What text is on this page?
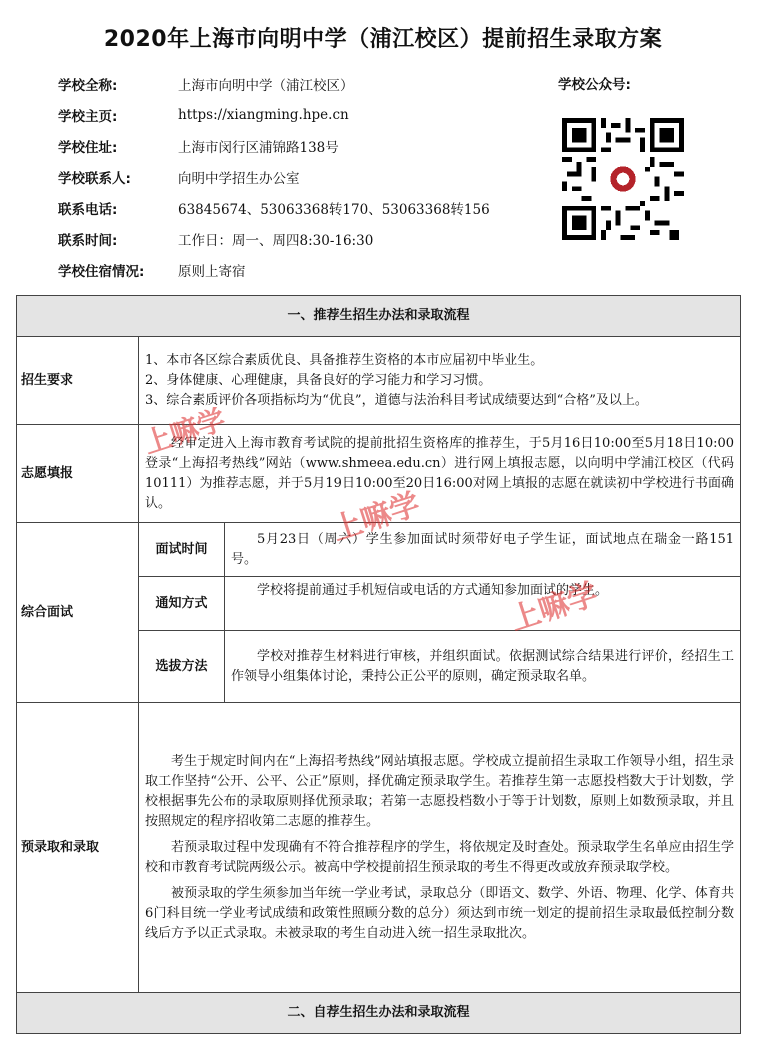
2020年上海市向明中学（浦江校区）提前招生录取方案
学校全称:	上海市向明中学（浦江校区）
学校主页:	https://xiangming.hpe.cn
学校住址:	上海市闵行区浦锦路138号
学校联系人:	向明中学招生办公室
联系电话:	63845674、53063368转170、53063368转156
联系时间:	工作日：周一、周四8:30-16:30
学校住宿情况:	原则上寄宿
学校公众号:
一、推荐生招生办法和录取流程		
招生要求	1、本市各区综合素质优良、具备推荐生资格的本市应届初中毕业生。
2、身体健康、心理健康，具备良好的学习能力和学习习惯。
3、综合素质评价各项指标均为“优良”，道德与法治科目考试成绩要达到“合格”及以上。	

志愿填报	经审定进入上海市教育考试院的提前批招生资格库的推荐生，于5月16日10:00至5月18日10:00登录“上海招考热线”网站（www.shmeea.edu.cn）进行网上填报志愿，以向明中学浦江校区（代码10111）为推荐志愿，并于5月19日10:00至20日16:00对网上填报的志愿在就读初中学校进行书面确认。	

综合面试	面试时间	5月23日（周六）学生参加面试时须带好电子学生证，面试地点在瑞金一路151号。

	通知方式	学校将提前通过手机短信或电话的方式通知参加面试的学生。

	选拔方法	学校对推荐生材料进行审核，并组织面试。依据测试综合结果进行评价，经招生工作领导小组集体讨论，秉持公正公平的原则，确定预录取名单。

预录取和录取	考生于规定时间内在“上海招考热线”网站填报志愿。学校成立提前招生录取工作领导小组，招生录取工作坚持“公开、公平、公正”原则，择优确定预录取学生。若推荐生第一志愿投档数大于计划数，学校根据事先公布的录取原则择优预录取；若第一志愿投档数小于等于计划数，原则上如数预录取，并且按照规定的程序招收第二志愿的推荐生。

若预录取过程中发现确有不符合推荐程序的学生，将依规定及时查处。预录取学生名单应由招生学校和市教育考试院两级公示。被高中学校提前招生预录取的考生不得更改或放弃预录取学校。

被预录取的学生须参加当年统一学业考试，录取总分（即语文、数学、外语、物理、化学、体育共6门科目统一学业考试成绩和政策性照顾分数的总分）须达到市统一划定的提前招生录取最低控制分数线后方予以正式录取。未被录取的考生自动进入统一招生录取批次。	

二、自荐生招生办法和录取流程		
上嘛学
上嘛学
上嘛学
